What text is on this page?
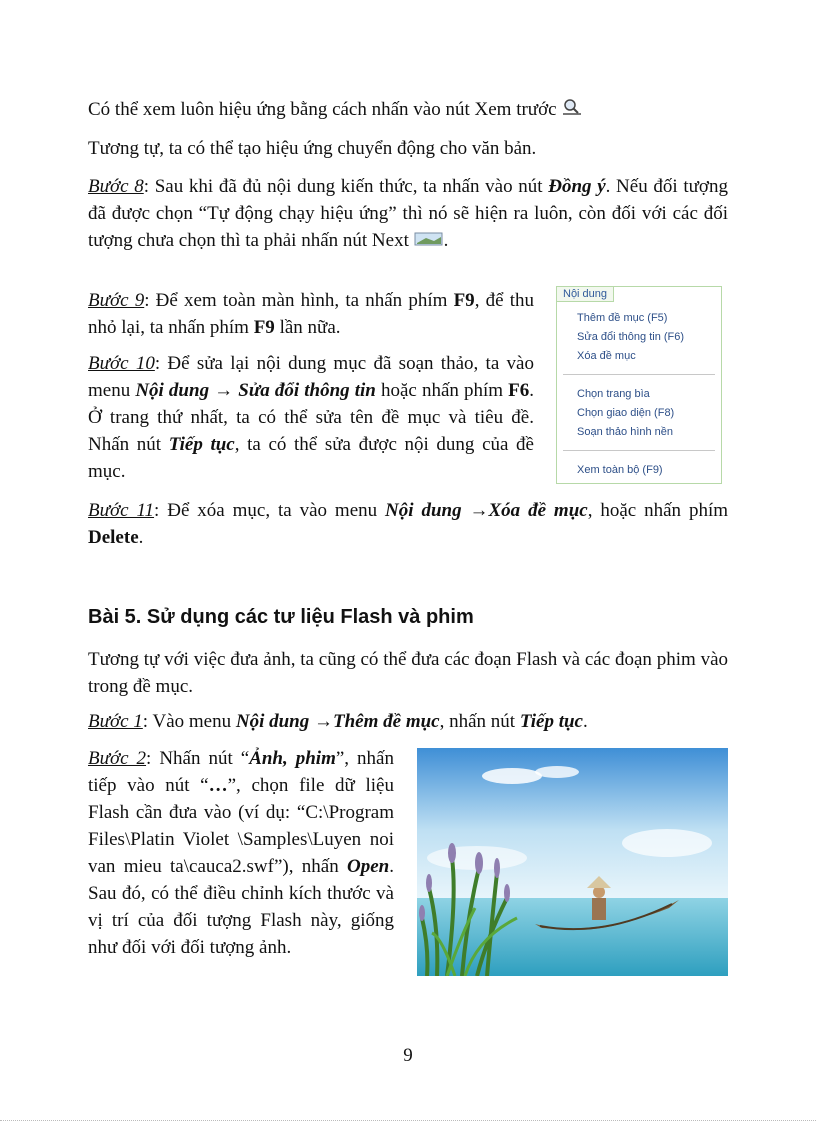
Có thể xem luôn hiệu ứng bằng cách nhấn vào nút Xem trước
Tương tự, ta có thể tạo hiệu ứng chuyển động cho văn bản.
Bước 8: Sau khi đã đủ nội dung kiến thức, ta nhấn vào nút Đồng ý. Nếu đối tượng đã được chọn “Tự động chạy hiệu ứng” thì nó sẽ hiện ra luôn, còn đối với các đối tượng chưa chọn thì ta phải nhấn nút Next .
Bước 9: Để xem toàn màn hình, ta nhấn phím F9, để thu nhỏ lại, ta nhấn phím F9 lần nữa.
Bước 10: Để sửa lại nội dung mục đã soạn thảo, ta vào menu Nội dung → Sửa đổi thông tin hoặc nhấn phím F6. Ở trang thứ nhất, ta có thể sửa tên đề mục và tiêu đề. Nhấn nút Tiếp tục, ta có thể sửa được nội dung của đề mục.
Nội dung
Thêm đề mục (F5)
Sửa đổi thông tin (F6)
Xóa đề mục
Chọn trang bìa
Chọn giao diện (F8)
Soạn thảo hình nền
Xem toàn bộ (F9)
Bước 11: Để xóa mục, ta vào menu Nội dung →Xóa đề mục, hoặc nhấn phím Delete.
Bài 5. Sử dụng các tư liệu Flash và phim
Tương tự với việc đưa ảnh, ta cũng có thể đưa các đoạn Flash và các đoạn phim vào trong đề mục.
Bước 1: Vào menu Nội dung →Thêm đề mục, nhấn nút Tiếp tục.
Bước 2: Nhấn nút “Ảnh, phim”, nhấn tiếp vào nút “…”, chọn file dữ liệu Flash cần đưa vào (ví dụ: “C:\Program Files\Platin Violet \Samples\Luyen noi van mieu ta\cauca2.swf”), nhấn Open. Sau đó, có thể điều chỉnh kích thước và vị trí của đối tượng Flash này, giống như đối với đối tượng ảnh.
9
